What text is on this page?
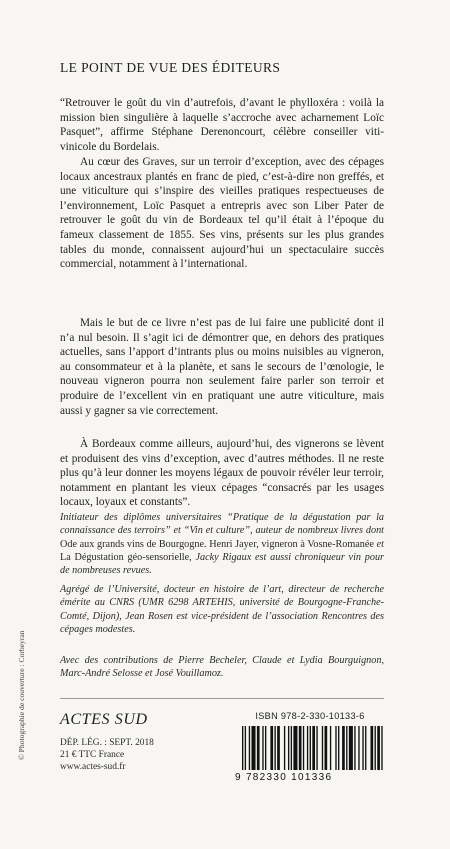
LE POINT DE VUE DES ÉDITEURS

“Retrouver le goût du vin d’autrefois, d’avant le phylloxéra : voilà la mission bien singulière à laquelle s’accroche avec acharnement Loïc Pasquet”, affirme Stéphane Derenoncourt, célèbre conseiller viti-vinicole du Bordelais.

Au cœur des Graves, sur un terroir d’exception, avec des cépages locaux ancestraux plantés en franc de pied, c’est-à-dire non greffés, et une viticulture qui s’inspire des vieilles pratiques respectueuses de l’environnement, Loïc Pasquet a entrepris avec son Liber Pater de retrouver le goût du vin de Bordeaux tel qu’il était à l’époque du fameux classement de 1855. Ses vins, présents sur les plus grandes tables du monde, connaissent aujourd’hui un spectaculaire succès commercial, notamment à l’international.

Mais le but de ce livre n’est pas de lui faire une publicité dont il n’a nul besoin. Il s’agit ici de démontrer que, en dehors des pratiques actuelles, sans l’apport d’intrants plus ou moins nuisibles au vigneron, au consommateur et à la planète, et sans le secours de l’œnologie, le nouveau vigneron pourra non seulement faire parler son terroir et produire de l’excellent vin en pratiquant une autre viticulture, mais aussi y gagner sa vie correctement.

À Bordeaux comme ailleurs, aujourd’hui, des vignerons se lèvent et produisent des vins d’exception, avec d’autres méthodes. Il ne reste plus qu’à leur donner les moyens légaux de pouvoir révéler leur terroir, notamment en plantant les vieux cépages “consacrés par les usages locaux, loyaux et constants”.

Initiateur des diplômes universitaires “Pratique de la dégustation par la connaissance des terroirs” et “Vin et culture”, auteur de nombreux livres dont Ode aux grands vins de Bourgogne. Henri Jayer, vigneron à Vosne-Romanée et La Dégustation géo-sensorielle, Jacky Rigaux est aussi chroniqueur vin pour de nombreuses revues.

Agrégé de l’Université, docteur en histoire de l’art, directeur de recherche émérite au CNRS (UMR 6298 ARTEHIS, université de Bourgogne-Franche-Comté, Dijon), Jean Rosen est vice-président de l’association Rencontres des cépages modestes.

Avec des contributions de Pierre Becheler, Claude et Lydia Bourguignon, Marc-André Selosse et José Vouillamoz.

ACTES SUD
DÉP. LÉG. : SEPT. 2018
21 € TTC France
www.actes-sud.fr
ISBN 978-2-330-10133-6
9 782330 101336
© Photographie de couverture : Corbeyran
